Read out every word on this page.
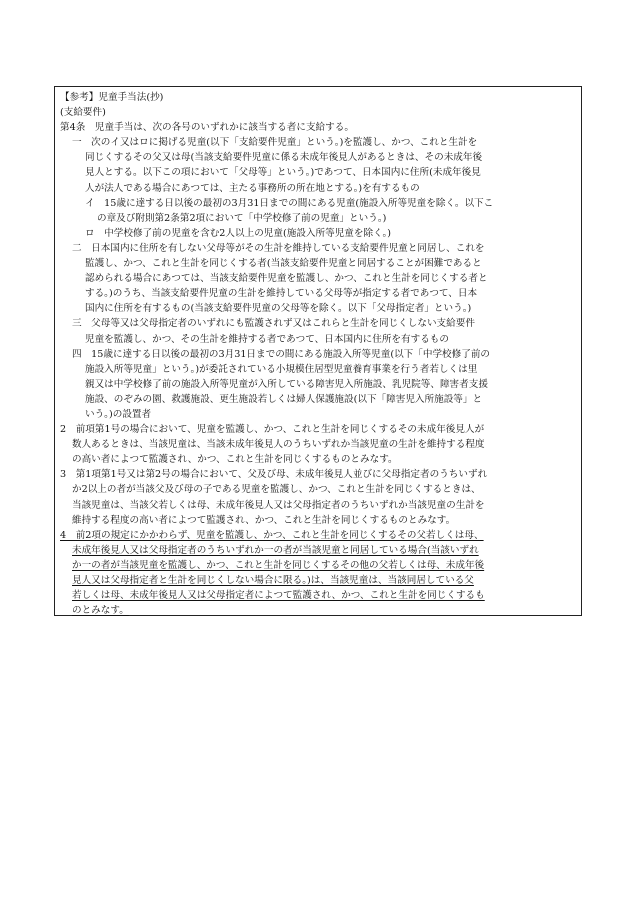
【参考】児童手当法(抄)
(支給要件)
第4条　児童手当は、次の各号のいずれかに該当する者に支給する。
一　次のイ又はロに掲げる児童(以下「支給要件児童」という。)を監護し、かつ、これと生計を
同じくするその父又は母(当該支給要件児童に係る未成年後見人があるときは、その未成年後
見人とする。以下この項において「父母等」という。)であつて、日本国内に住所(未成年後見
人が法人である場合にあつては、主たる事務所の所在地とする。)を有するもの
イ　15歳に達する日以後の最初の3月31日までの間にある児童(施設入所等児童を除く。以下こ
の章及び附則第2条第2項において「中学校修了前の児童」という。)
ロ　中学校修了前の児童を含む2人以上の児童(施設入所等児童を除く。)
二　日本国内に住所を有しない父母等がその生計を維持している支給要件児童と同居し、これを
監護し、かつ、これと生計を同じくする者(当該支給要件児童と同居することが困難であると
認められる場合にあつては、当該支給要件児童を監護し、かつ、これと生計を同じくする者と
する。)のうち、当該支給要件児童の生計を維持している父母等が指定する者であつて、日本
国内に住所を有するもの(当該支給要件児童の父母等を除く。以下「父母指定者」という。)
三　父母等又は父母指定者のいずれにも監護されず又はこれらと生計を同じくしない支給要件
児童を監護し、かつ、その生計を維持する者であつて、日本国内に住所を有するもの
四　15歳に達する日以後の最初の3月31日までの間にある施設入所等児童(以下「中学校修了前の
施設入所等児童」という。)が委託されている小規模住居型児童養育事業を行う者若しくは里
親又は中学校修了前の施設入所等児童が入所している障害児入所施設、乳児院等、障害者支援
施設、のぞみの園、救護施設、更生施設若しくは婦人保護施設(以下「障害児入所施設等」と
いう。)の設置者
2　前項第1号の場合において、児童を監護し、かつ、これと生計を同じくするその未成年後見人が
数人あるときは、当該児童は、当該未成年後見人のうちいずれか当該児童の生計を維持する程度
の高い者によつて監護され、かつ、これと生計を同じくするものとみなす。
3　第1項第1号又は第2号の場合において、父及び母、未成年後見人並びに父母指定者のうちいずれ
か2以上の者が当該父及び母の子である児童を監護し、かつ、これと生計を同じくするときは、
当該児童は、当該父若しくは母、未成年後見人又は父母指定者のうちいずれか当該児童の生計を
維持する程度の高い者によつて監護され、かつ、これと生計を同じくするものとみなす。
4　前2項の規定にかかわらず、児童を監護し、かつ、これと生計を同じくするその父若しくは母、
未成年後見人又は父母指定者のうちいずれか一の者が当該児童と同居している場合(当該いずれ
か一の者が当該児童を監護し、かつ、これと生計を同じくするその他の父若しくは母、未成年後
見人又は父母指定者と生計を同じくしない場合に限る。)は、当該児童は、当該同居している父
若しくは母、未成年後見人又は父母指定者によつて監護され、かつ、これと生計を同じくするも
のとみなす。
